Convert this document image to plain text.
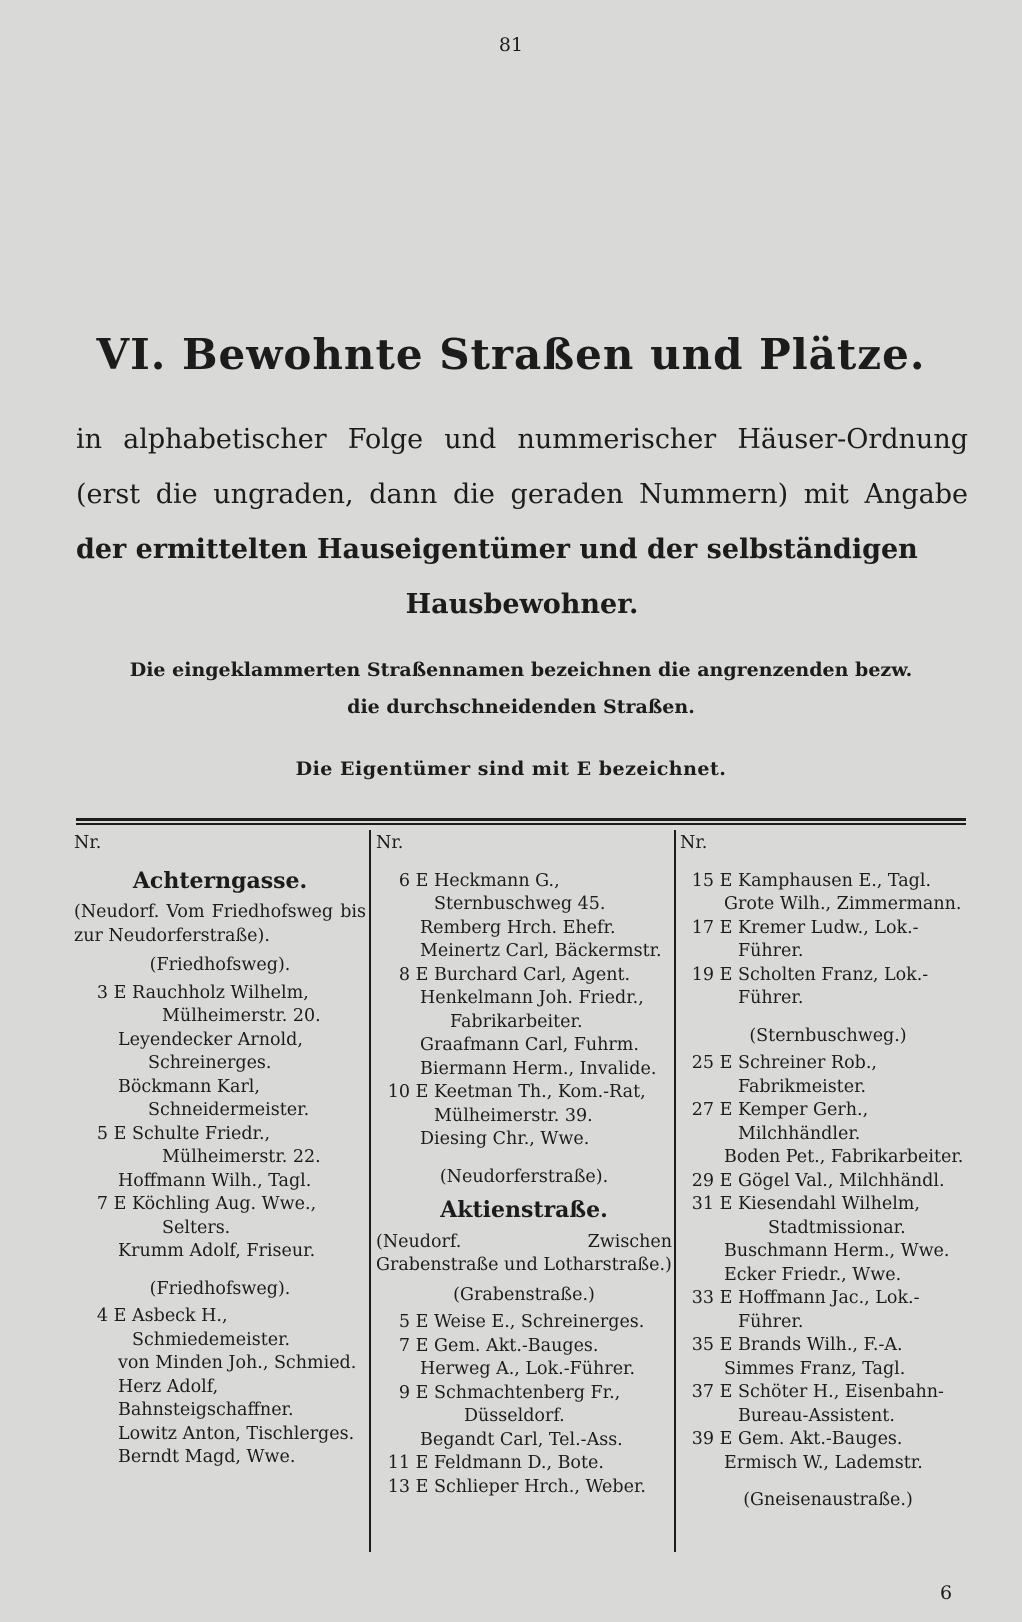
81
VI. Bewohnte Straßen und Plätze.
in alphabetischer Folge und nummerischer Häuser-Ordnung (erst die ungraden, dann die geraden Nummern) mit Angabe der ermittelten Hauseigentümer und der selbständigen
Hausbewohner.
Die eingeklammerten Straßennamen bezeichnen die angrenzenden bezw.
die durchschneidenden Straßen.
Die Eigentümer sind mit E bezeichnet.
Nr.
Achterngasse.
(Neudorf. Vom Friedhofsweg bis zur Neudorferstraße).
(Friedhofsweg).
3 E Rauchholz Wilhelm,
Mülheimerstr. 20.
Leyendecker Arnold,
Schreinerges.
Böckmann Karl,
Schneidermeister.
5 E Schulte Friedr.,
Mülheimerstr. 22.
Hoffmann Wilh., Tagl.
7 E Köchling Aug. Wwe.,
Selters.
Krumm Adolf, Friseur.
(Friedhofsweg).
4 E Asbeck H., Schmiedemeister.
von Minden Joh., Schmied.
Herz Adolf, Bahnsteigschaffner.
Lowitz Anton, Tischlerges.
Berndt Magd, Wwe.
Nr.
6 E Heckmann G., Sternbuschweg 45.
Remberg Hrch. Ehefr.
Meinertz Carl, Bäckermstr.
8 E Burchard Carl, Agent.
Henkelmann Joh. Friedr.,
Fabrikarbeiter.
Graafmann Carl, Fuhrm.
Biermann Herm., Invalide.
10 E Keetman Th., Kom.-Rat, Mülheimerstr. 39.
Diesing Chr., Wwe.
(Neudorferstraße).
Aktienstraße.
(Neudorf. Zwischen Grabenstraße und Lotharstraße.)
(Grabenstraße.)
5 E Weise E., Schreinerges.
7 E Gem. Akt.-Bauges.
Herweg A., Lok.-Führer.
9 E Schmachtenberg Fr.,
Düsseldorf.
Begandt Carl, Tel.-Ass.
11 E Feldmann D., Bote.
13 E Schlieper Hrch., Weber.
Nr.
15 E Kamphausen E., Tagl.
Grote Wilh., Zimmermann.
17 E Kremer Ludw., Lok.-Führer.
19 E Scholten Franz, Lok.-Führer.
(Sternbuschweg.)
25 E Schreiner Rob., Fabrikmeister.
27 E Kemper Gerh., Milchhändler.
Boden Pet., Fabrikarbeiter.
29 E Gögel Val., Milchhändl.
31 E Kiesendahl Wilhelm,
Stadtmissionar.
Buschmann Herm., Wwe.
Ecker Friedr., Wwe.
33 E Hoffmann Jac., Lok.-Führer.
35 E Brands Wilh., F.-A.
Simmes Franz, Tagl.
37 E Schöter H., Eisenbahn-Bureau-Assistent.
39 E Gem. Akt.-Bauges.
Ermisch W., Lademstr.
(Gneisenaustraße.)
6
